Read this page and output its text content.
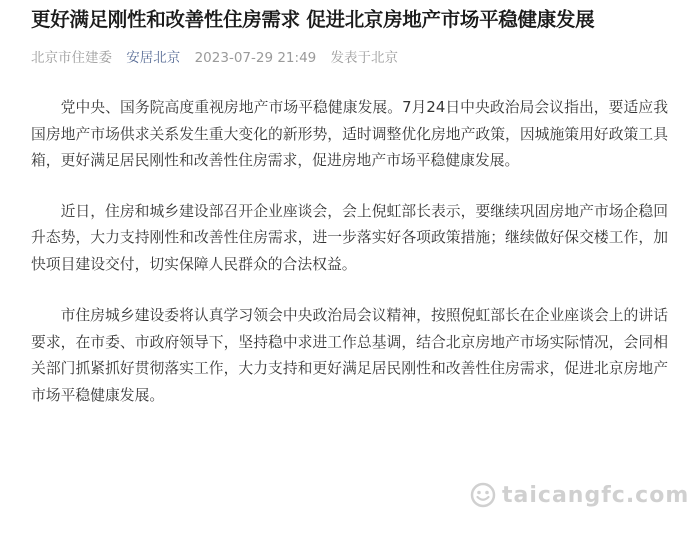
更好满足刚性和改善性住房需求 促进北京房地产市场平稳健康发展
北京市住建委 安居北京 2023-07-29 21:49 发表于北京

党中央、国务院高度重视房地产市场平稳健康发展。7月24日中央政治局会议指出，要适应我国房地产市场供求关系发生重大变化的新形势，适时调整优化房地产政策，因城施策用好政策工具箱，更好满足居民刚性和改善性住房需求，促进房地产市场平稳健康发展。

近日，住房和城乡建设部召开企业座谈会，会上倪虹部长表示，要继续巩固房地产市场企稳回升态势，大力支持刚性和改善性住房需求，进一步落实好各项政策措施；继续做好保交楼工作，加快项目建设交付，切实保障人民群众的合法权益。

市住房城乡建设委将认真学习领会中央政治局会议精神，按照倪虹部长在企业座谈会上的讲话要求，在市委、市政府领导下，坚持稳中求进工作总基调，结合北京房地产市场实际情况，会同相关部门抓紧抓好贯彻落实工作，大力支持和更好满足居民刚性和改善性住房需求，促进北京房地产市场平稳健康发展。

taicangfc.com
